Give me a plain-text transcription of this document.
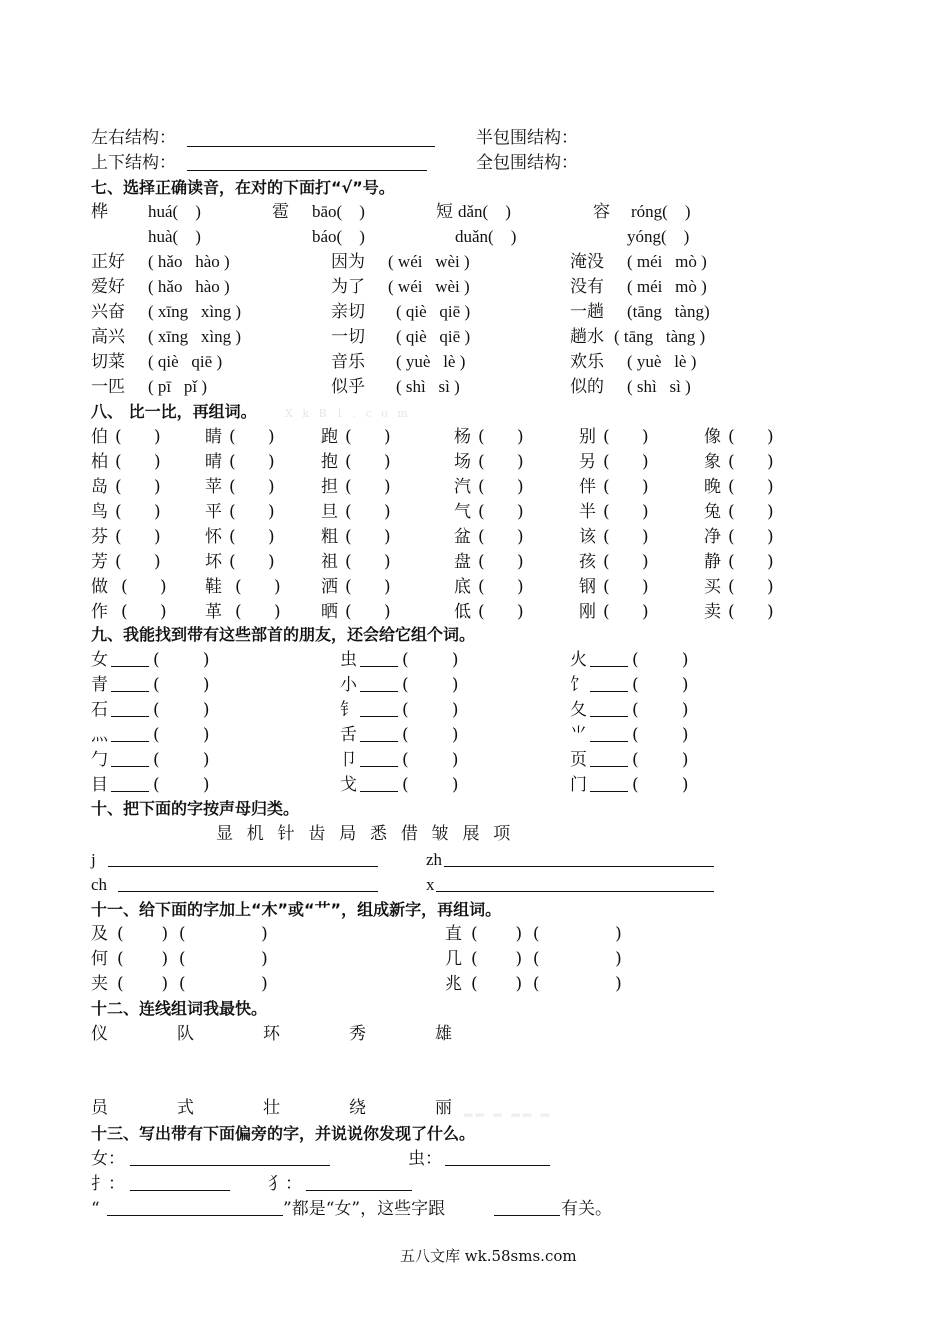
左右结构：	半包围结构：
上下结构：	全包围结构：
七、选择正确读音，在对的下面打“√”号。
桦 huá(    )	雹 bāo(    )	短 dǎn(    )	容 róng(    )
huà(    )	báo(    )	duǎn(    )	yóng(    )
正好 ( hǎo   hào )	因为 ( wéi   wèi )	淹没 ( méi   mò )
爱好 ( hǎo   hào )	为了 ( wéi   wèi )	没有 ( méi   mò )
兴奋 ( xīng   xìng )	亲切 ( qiè   qiē )	一趟 (tāng   tàng)
高兴 ( xīng   xìng )	一切 ( qiè   qiē )	趟水 ( tāng   tàng )
切菜 ( qiè   qiē )	音乐 ( yuè   lè )	欢乐 ( yuè   lè )
一匹 ( pī   pǐ )	似乎 ( shì   sì )	似的 ( shì   sì )
八、 比一比，再组词。	X k B 1 . c o m
伯 (      )	睛 (      )	跑 (      )	杨 (      )	别 (      )	像 (      )
柏 (      )	晴 (      )	抱 (      )	场 (      )	另 (      )	象 (      )
岛 (      )	苹 (      )	担 (      )	汽 (      )	伴 (      )	晚 (      )
鸟 (      )	平 (      )	旦 (      )	气 (      )	半 (      )	兔 (      )
芬 (      )	怀 (      )	粗 (      )	盆 (      )	该 (      )	净 (      )
芳 (      )	坏 (      )	祖 (      )	盘 (      )	孩 (      )	静 (      )
做 (      ) 鞋 (      ) 洒 (      )	底 (      )	钢 (      )	买 (      )
作 (      ) 革 (      ) 晒 (      )	低 (      )	刚 (      )	卖 (      )
九、我能找到带有这些部首的朋友，还会给它组个词。
女	(        )	虫	(        )	火	(        )
青	(        )	小	(        )	饣	(        )
石	(        )	钅	(        )	夂	(        )
灬	(        )	舌	(        )	⺌	(        )
勹	(        )	卩	(        )	页	(        )
目	(        )	戈	(        )	门	(        )
十、把下面的字按声母归类。
显  机  针  齿  局  悉  借  皱  展  项
j	zh
ch	x
十一、给下面的字加上“木”或“艹”，组成新字，再组词。
及 (       )  (              )	直 (       )  (              )
何 (       )  (              )	几 (       )  (              )
夹 (       )  (              )	兆 (       )  (              )
十二、连线组词我最快。
仪
员
队
式
环
壮
秀
绕
雄
丽 ▂▂ ▂ ▂▂ ▂
十三、写出带有下面偏旁的字，并说说你发现了什么。
女：	虫：
扌：	犭：
“	”都是“女”，这些字跟	有关。
五八文库 wk.58sms.com
